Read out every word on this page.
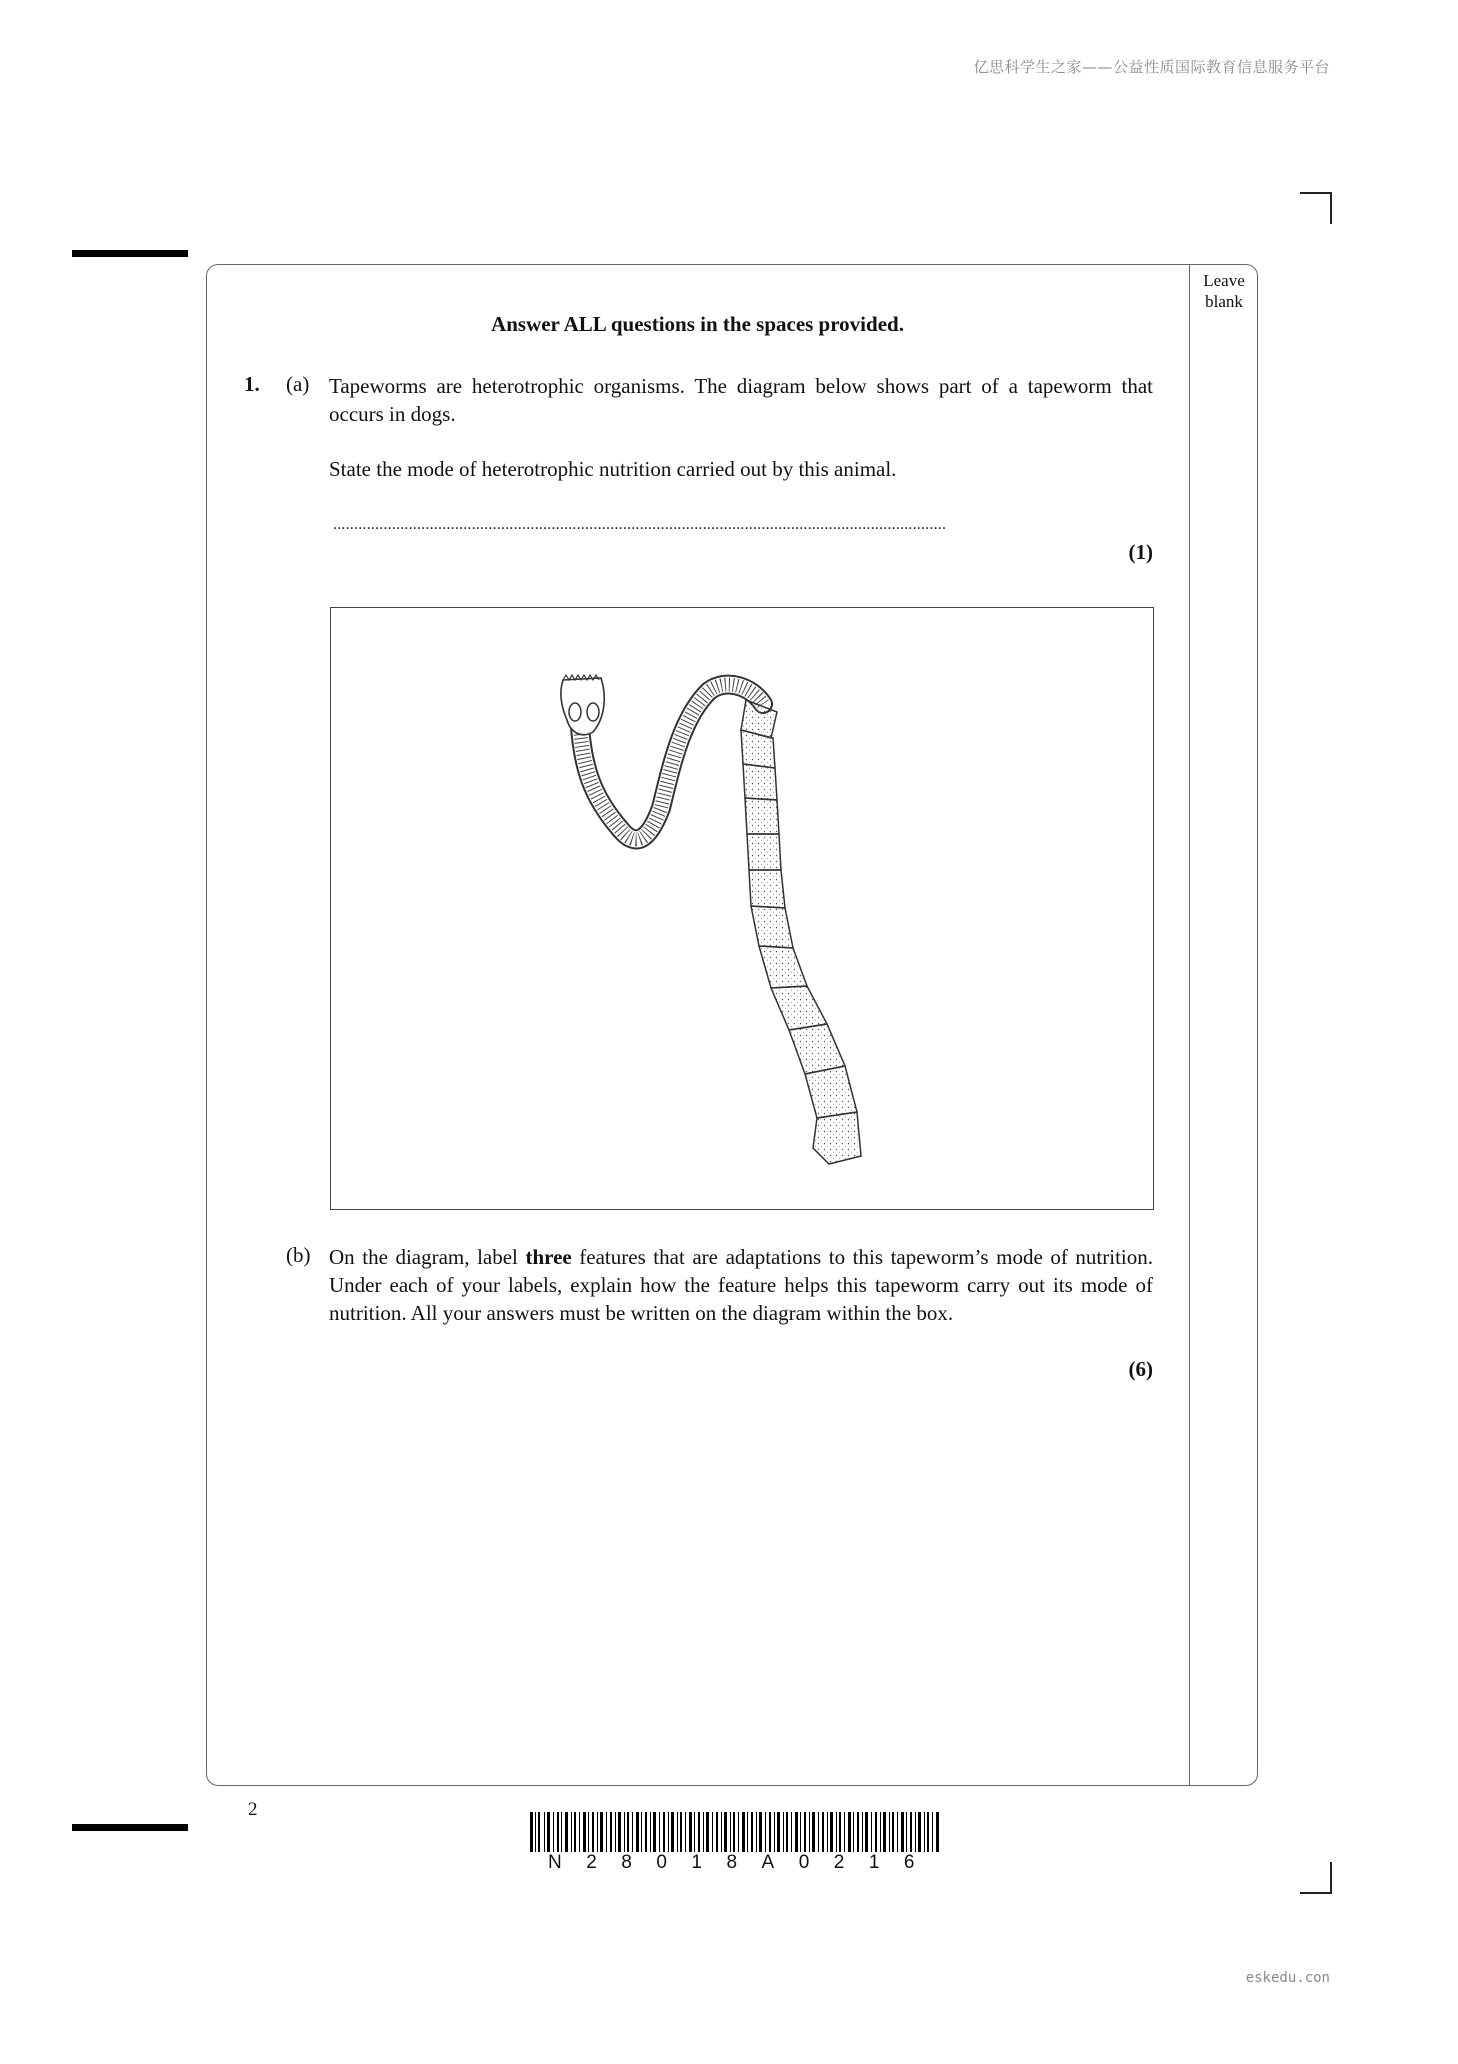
亿思科学生之家——公益性质国际教育信息服务平台
Leave blank
Answer ALL questions in the spaces provided.
1. (a) Tapeworms are heterotrophic organisms. The diagram below shows part of a tapeworm that occurs in dogs.
State the mode of heterotrophic nutrition carried out by this animal.
..................................................................................................................................................
(1)
(b) On the diagram, label three features that are adaptations to this tapeworm’s mode of nutrition. Under each of your labels, explain how the feature helps this tapeworm carry out its mode of nutrition. All your answers must be written on the diagram within the box.
(6)
2
N28018A0216
eskedu.con
